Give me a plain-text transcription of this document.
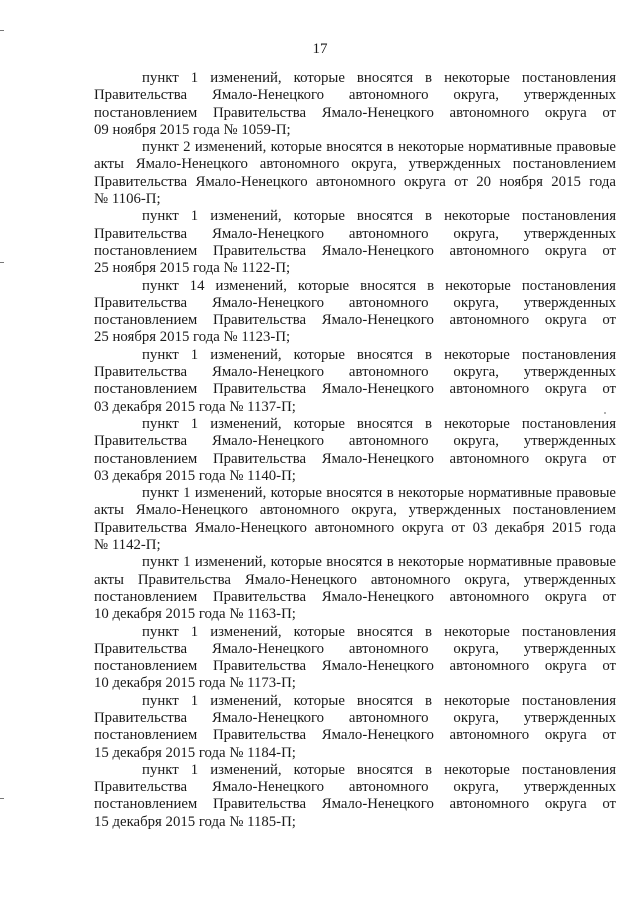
17

пункт 1 изменений, которые вносятся в некоторые постановления
Правительства Ямало-Ненецкого автономного округа, утвержденных
постановлением Правительства Ямало-Ненецкого автономного округа от
09 ноября 2015 года № 1059-П;

пункт 2 изменений, которые вносятся в некоторые нормативные правовые
акты Ямало-Ненецкого автономного округа, утвержденных постановлением
Правительства Ямало-Ненецкого автономного округа от 20 ноября 2015 года
№ 1106-П;

пункт 1 изменений, которые вносятся в некоторые постановления
Правительства Ямало-Ненецкого автономного округа, утвержденных
постановлением Правительства Ямало-Ненецкого автономного округа от
25 ноября 2015 года № 1122-П;

пункт 14 изменений, которые вносятся в некоторые постановления
Правительства Ямало-Ненецкого автономного округа, утвержденных
постановлением Правительства Ямало-Ненецкого автономного округа от
25 ноября 2015 года № 1123-П;

пункт 1 изменений, которые вносятся в некоторые постановления
Правительства Ямало-Ненецкого автономного округа, утвержденных
постановлением Правительства Ямало-Ненецкого автономного округа от
03 декабря 2015 года № 1137-П;

пункт 1 изменений, которые вносятся в некоторые постановления
Правительства Ямало-Ненецкого автономного округа, утвержденных
постановлением Правительства Ямало-Ненецкого автономного округа от
03 декабря 2015 года № 1140-П;

пункт 1 изменений, которые вносятся в некоторые нормативные правовые
акты Ямало-Ненецкого автономного округа, утвержденных постановлением
Правительства Ямало-Ненецкого автономного округа от 03 декабря 2015 года
№ 1142-П;

пункт 1 изменений, которые вносятся в некоторые нормативные правовые
акты Правительства Ямало-Ненецкого автономного округа, утвержденных
постановлением Правительства Ямало-Ненецкого автономного округа от
10 декабря 2015 года № 1163-П;

пункт 1 изменений, которые вносятся в некоторые постановления
Правительства Ямало-Ненецкого автономного округа, утвержденных
постановлением Правительства Ямало-Ненецкого автономного округа от
10 декабря 2015 года № 1173-П;

пункт 1 изменений, которые вносятся в некоторые постановления
Правительства Ямало-Ненецкого автономного округа, утвержденных
постановлением Правительства Ямало-Ненецкого автономного округа от
15 декабря 2015 года № 1184-П;

пункт 1 изменений, которые вносятся в некоторые постановления
Правительства Ямало-Ненецкого автономного округа, утвержденных
постановлением Правительства Ямало-Ненецкого автономного округа от
15 декабря 2015 года № 1185-П;
